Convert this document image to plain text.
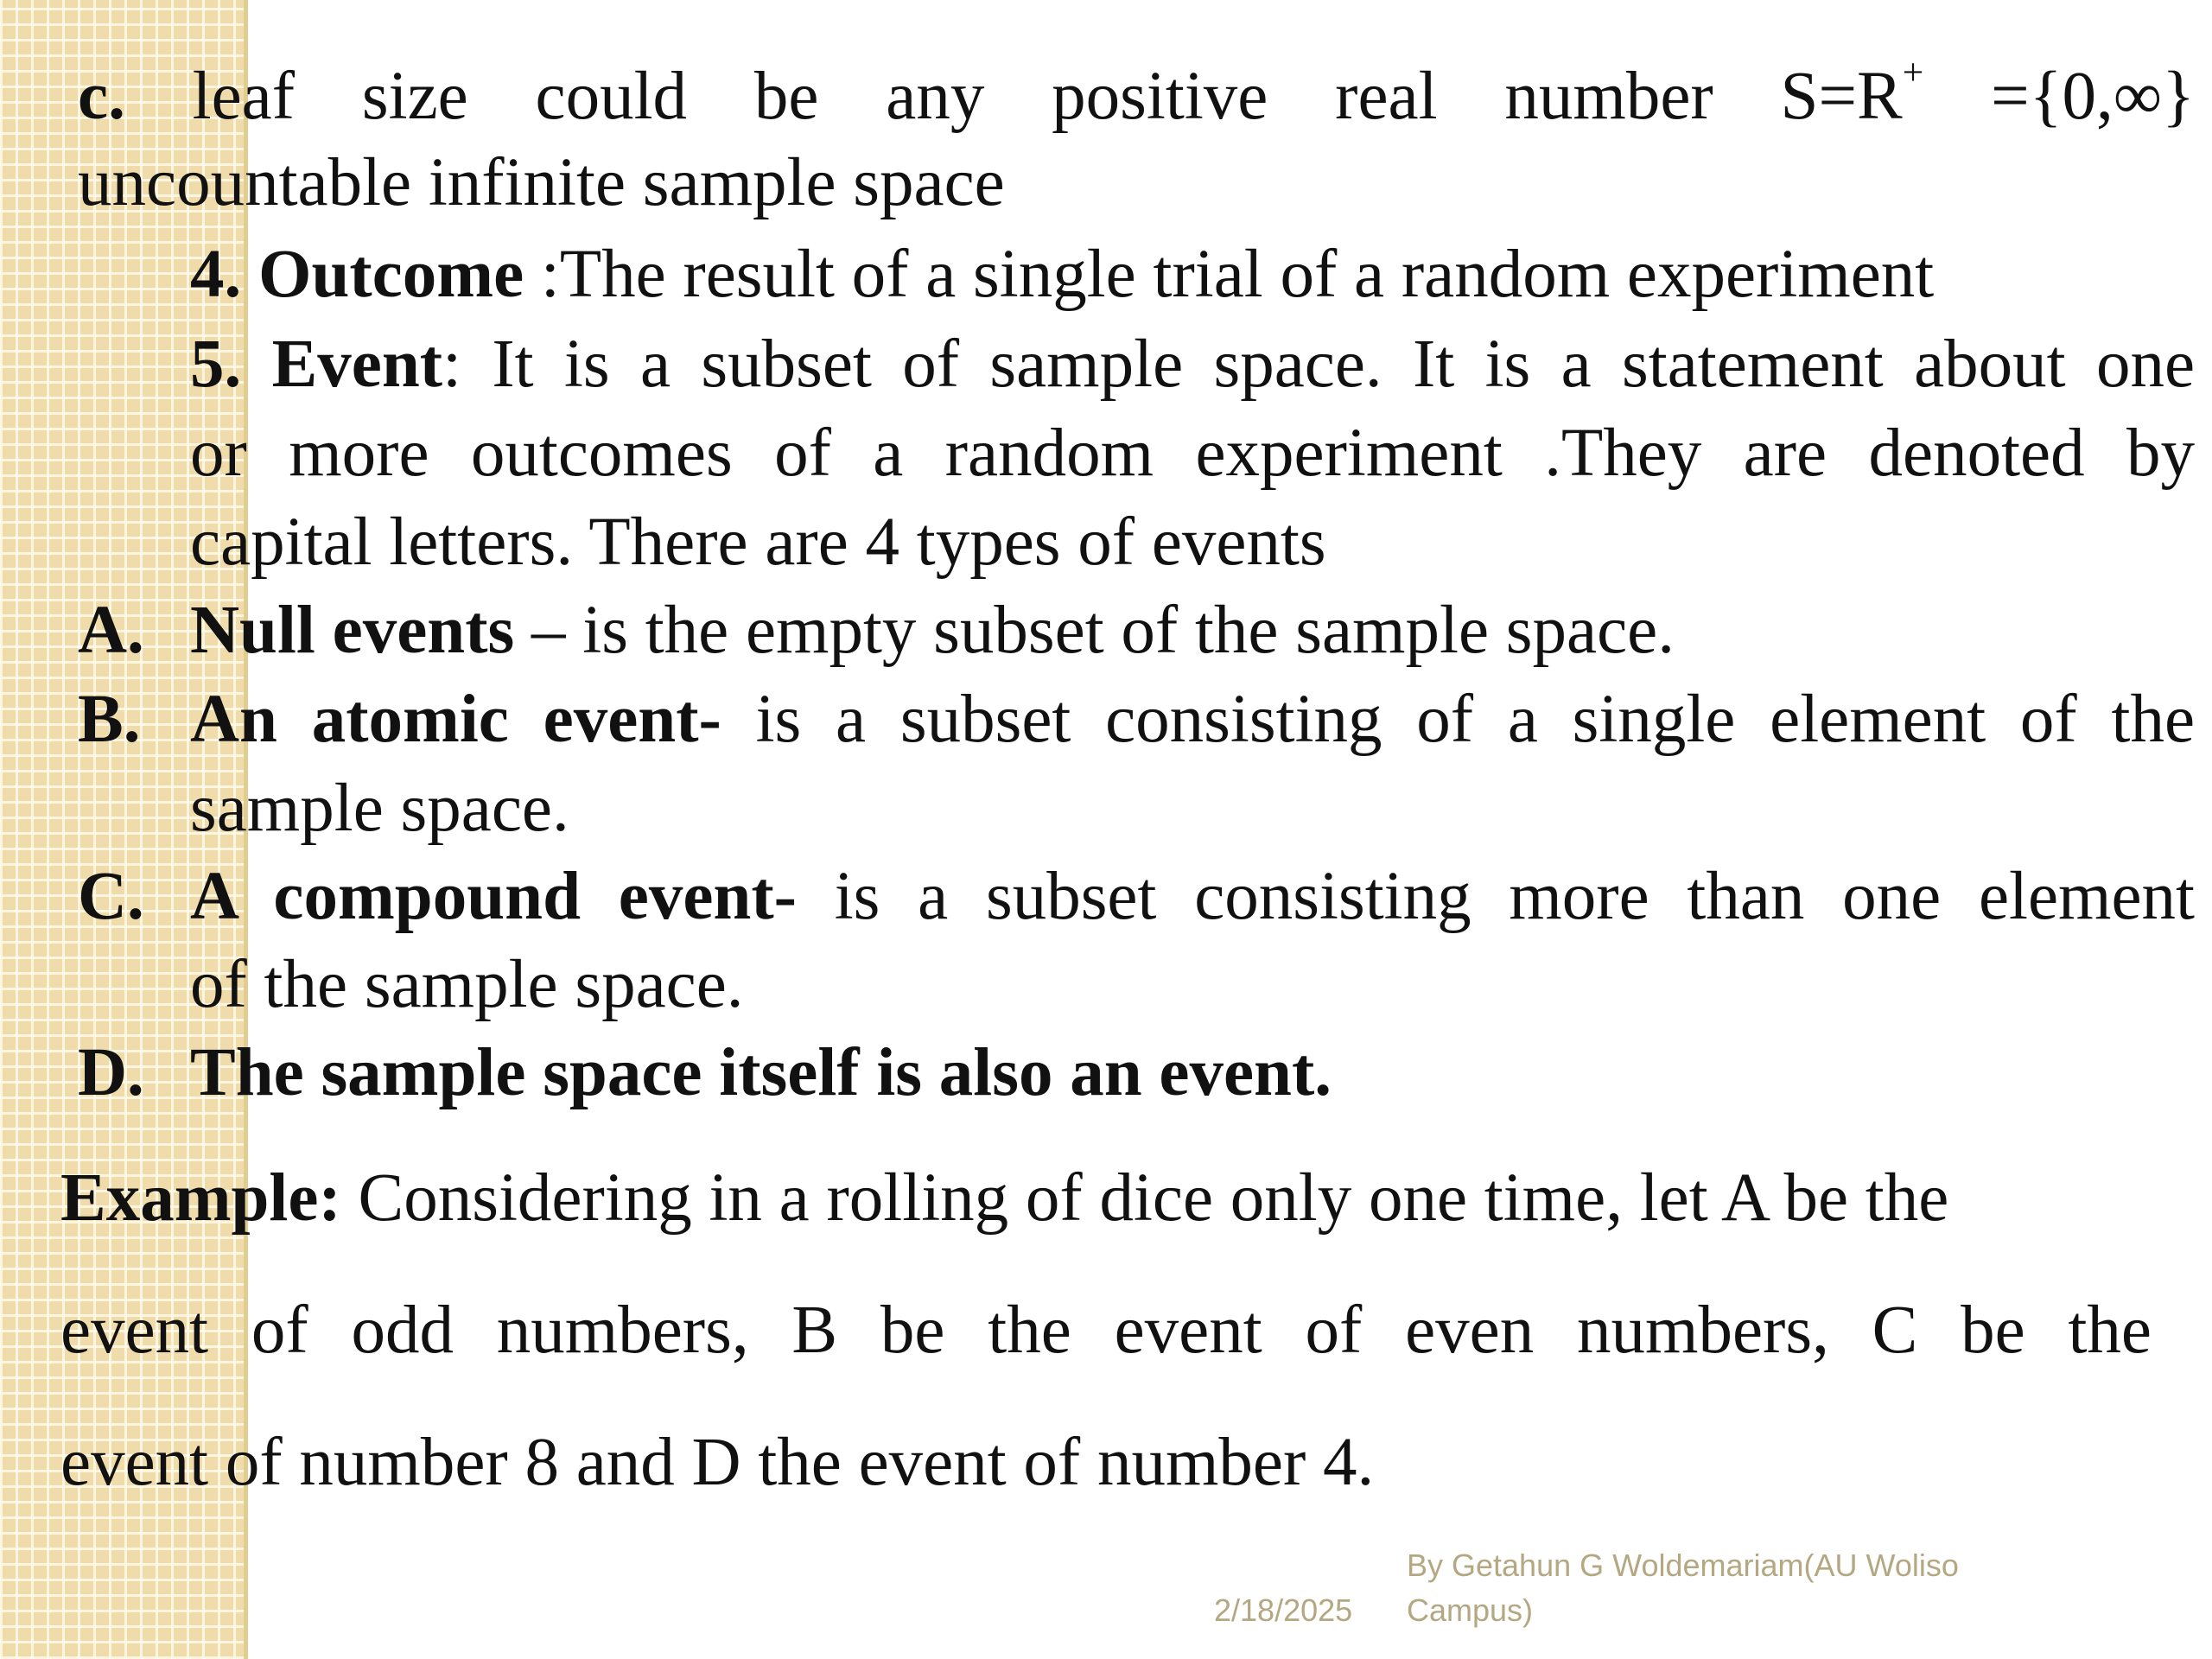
c. leaf size could be any positive real number S=R+ ={0,∞}
uncountable infinite sample space
4. Outcome :The result of a single trial of a random experiment
5. Event: It is a subset of sample space. It is a statement about one
or more outcomes of a random experiment .They are denoted by
capital letters. There are 4 types of events
A. Null events – is the empty subset of the sample space.
B. An atomic event- is a subset consisting of a single element of the
sample space.
C. A compound event- is a subset consisting more than one element
of the sample space.
D. The sample space itself is also an event.
Example: Considering in a rolling of dice only one time, let A be the
event of odd numbers, B be the event of even numbers, C be the
event of number 8 and D the event of number 4.
2/18/2025
By Getahun G Woldemariam(AU Woliso
Campus)
